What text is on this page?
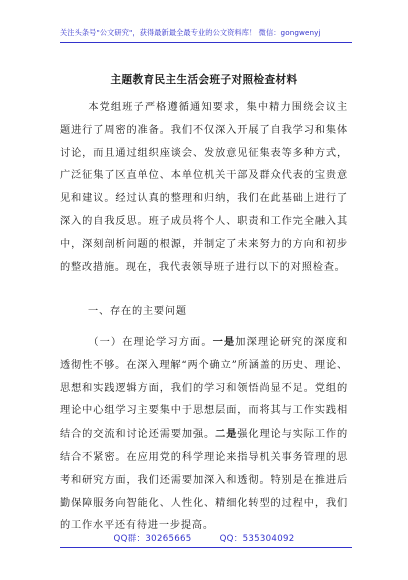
关注头条号"公文研究"，获得最新最全最专业的公文资料库！ 微信：gongwenyj
主题教育民主生活会班子对照检查材料

本党组班子严格遵循通知要求，集中精力围绕会议主题进行了周密的准备。我们不仅深入开展了自我学习和集体讨论，而且通过组织座谈会、发放意见征集表等多种方式，广泛征集了区直单位、本单位机关干部及群众代表的宝贵意见和建议。经过认真的整理和归纳，我们在此基础上进行了深入的自我反思。班子成员将个人、职责和工作完全融入其中，深刻剖析问题的根源，并制定了未来努力的方向和初步的整改措施。现在，我代表领导班子进行以下的对照检查。

一、存在的主要问题

（一）在理论学习方面。一是加深理论研究的深度和透彻性不够。在深入理解“两个确立”所涵盖的历史、理论、思想和实践逻辑方面，我们的学习和领悟尚显不足。党组的理论中心组学习主要集中于思想层面，而将其与工作实践相结合的交流和讨论还需要加强。二是强化理论与实际工作的结合不紧密。在应用党的科学理论来指导机关事务管理的思考和研究方面，我们还需要加深入和透彻。特别是在推进后勤保障服务向智能化、人性化、精细化转型的过程中，我们的工作水平还有待进一步提高。

QQ群：30265665	QQ：535304092
